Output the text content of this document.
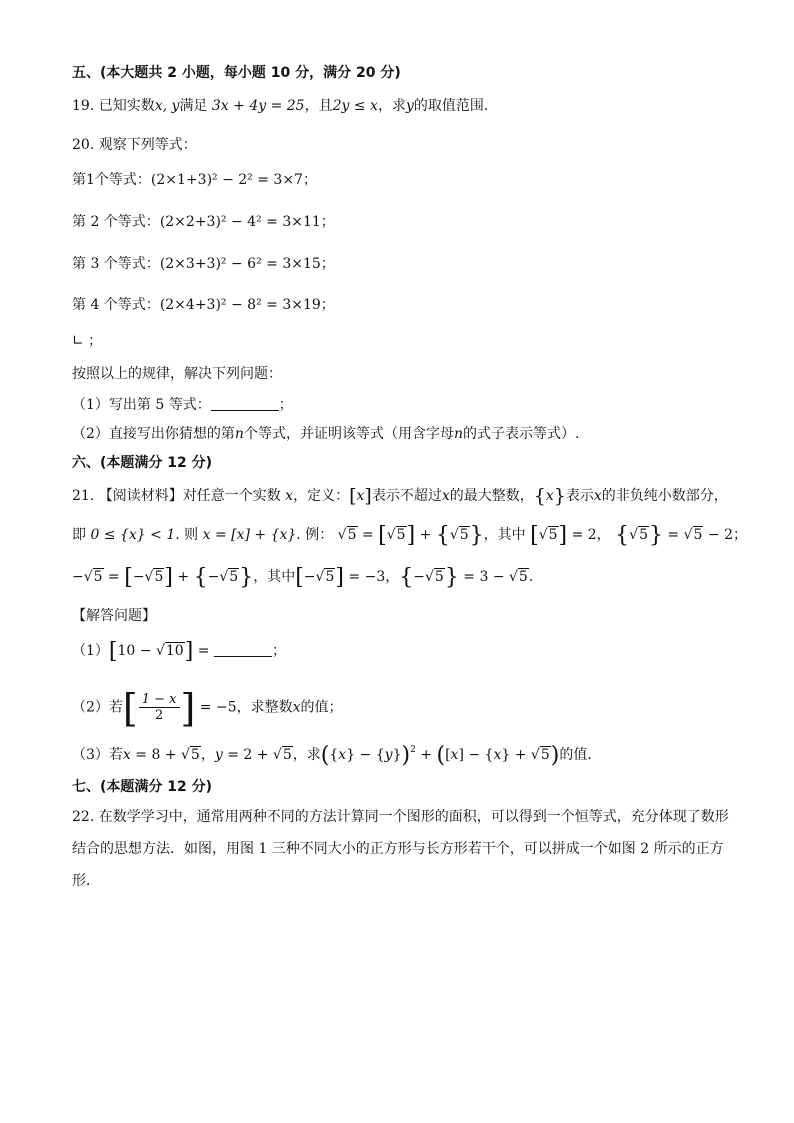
五、(本大题共 2 小题，每小题 10 分，满分 20 分)
19. 已知实数x, y满足 3x + 4y = 25，且2y ≤ x，求y的取值范围.
20. 观察下列等式：
第1个等式：(2×1+3)² − 2² = 3×7；
第 2 个等式：(2×2+3)² − 4² = 3×11；
第 3 个等式：(2×3+3)² − 6² = 3×15；
第 4 个等式：(2×4+3)² − 8² = 3×19；
∟ ；
按照以上的规律，解决下列问题：
（1）写出第 5 等式：	；
（2）直接写出你猜想的第n个等式，并证明该等式（用含字母n的式子表示等式）.
六、(本题满分 12 分)
21. 【阅读材料】对任意一个实数 x，定义：[x]表示不超过x的最大整数，{x}表示x的非负纯小数部分，
即 0 ≤ {x} < 1. 则 x = [x] + {x}. 例： √5 = [√5] + {√5}，其中 [√5] = 2， {√5} = √5 − 2；
−√5 = [−√5] + {−√5}，其中[−√5] = −3，{−√5} = 3 − √5.
【解答问题】
（1）[10 − √10] =	；
（2）若[ $\frac{1 - x}{2}$ ] = −5，求整数x的值；
（3）若x = 8 + √5，y = 2 + √5，求$(\{x\} - \{y\})^2 + ([x] - \{x\} + √5)$的值.
七、(本题满分 12 分)
22. 在数学学习中，通常用两种不同的方法计算同一个图形的面积，可以得到一个恒等式，充分体现了数形
结合的思想方法．如图，用图 1 三种不同大小的正方形与长方形若干个，可以拼成一个如图 2 所示的正方
形．
